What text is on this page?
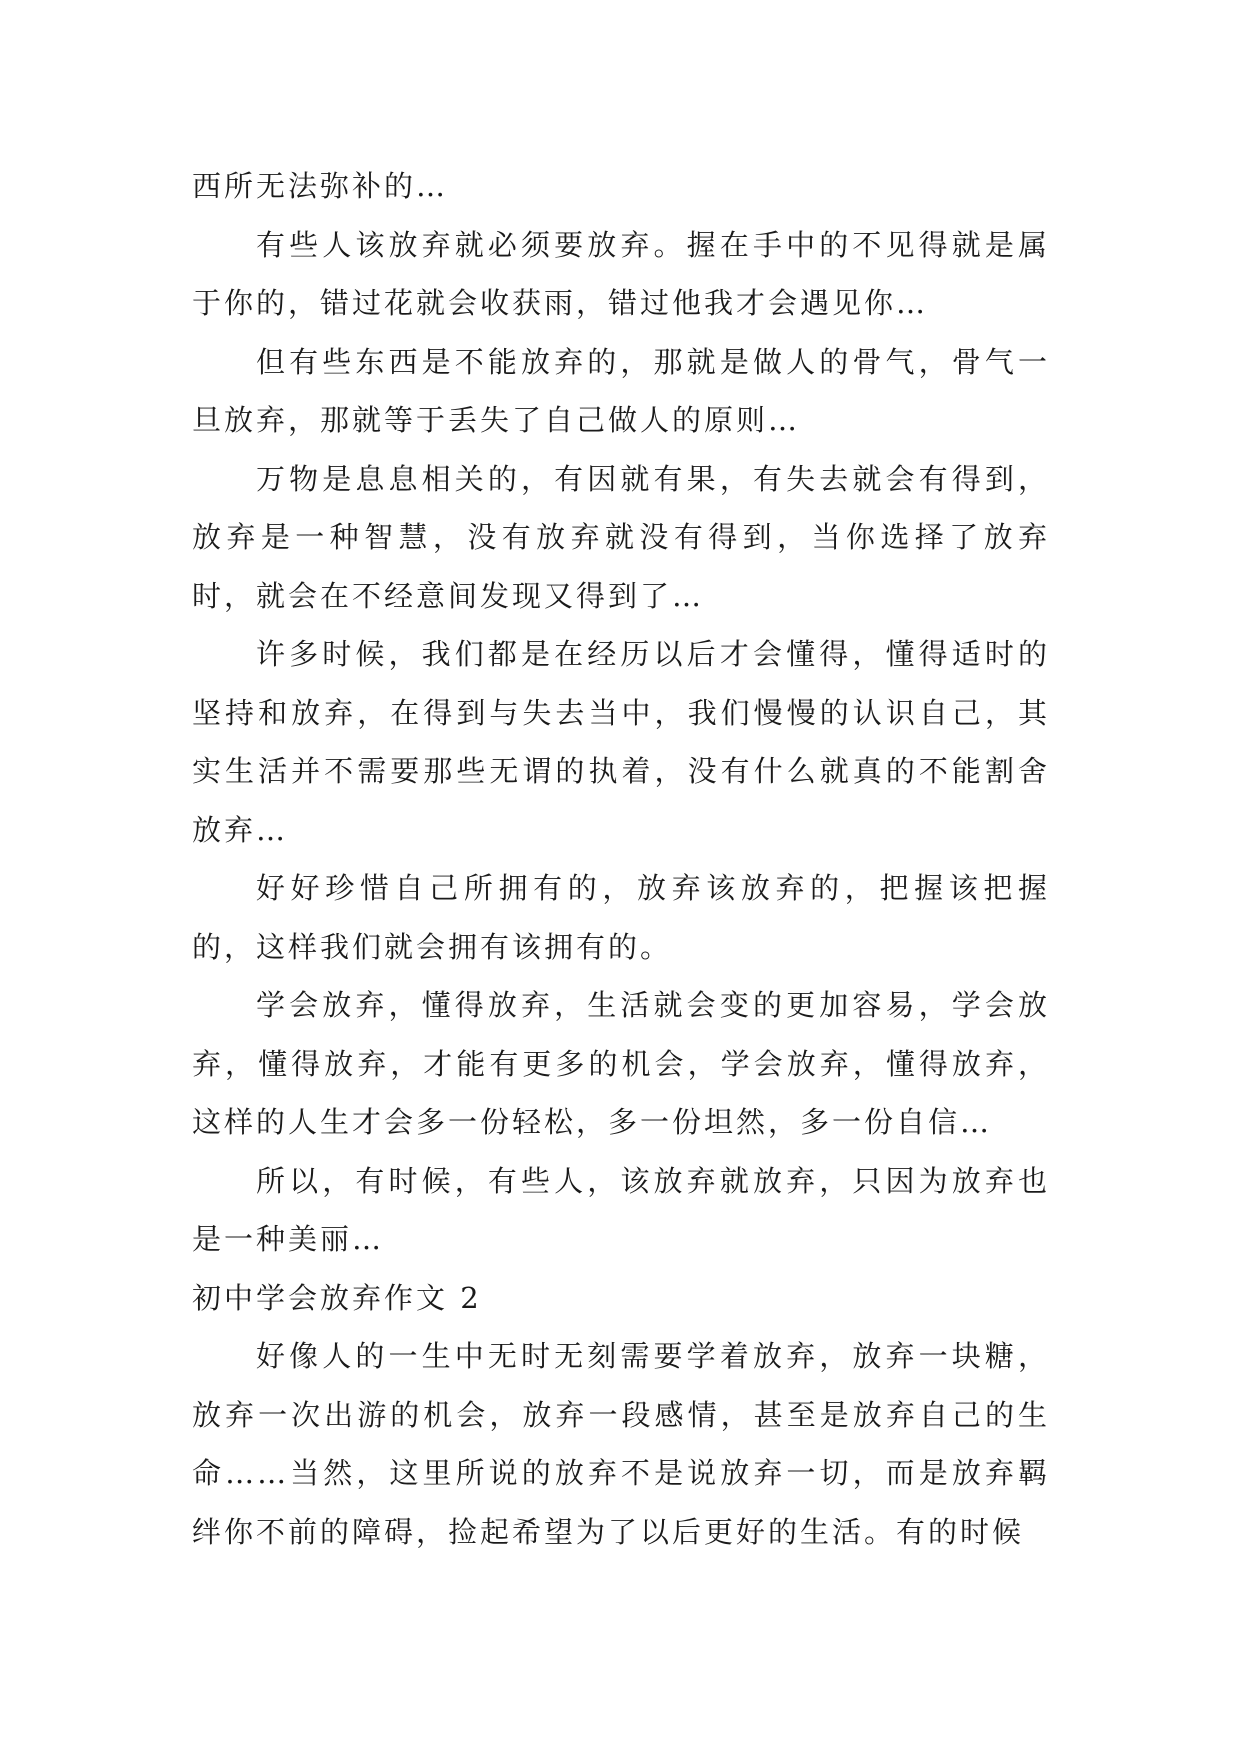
西所无法弥补的…

有些人该放弃就必须要放弃。握在手中的不见得就是属于你的，错过花就会收获雨，错过他我才会遇见你…

但有些东西是不能放弃的，那就是做人的骨气，骨气一旦放弃，那就等于丢失了自己做人的原则…

万物是息息相关的，有因就有果，有失去就会有得到，放弃是一种智慧，没有放弃就没有得到，当你选择了放弃时，就会在不经意间发现又得到了…

许多时候，我们都是在经历以后才会懂得，懂得适时的坚持和放弃，在得到与失去当中，我们慢慢的认识自己，其实生活并不需要那些无谓的执着，没有什么就真的不能割舍放弃…

好好珍惜自己所拥有的，放弃该放弃的，把握该把握的，这样我们就会拥有该拥有的。

学会放弃，懂得放弃，生活就会变的更加容易，学会放弃，懂得放弃，才能有更多的机会，学会放弃，懂得放弃，这样的人生才会多一份轻松，多一份坦然，多一份自信…

所以，有时候，有些人，该放弃就放弃，只因为放弃也是一种美丽…

初中学会放弃作文 2

好像人的一生中无时无刻需要学着放弃，放弃一块糖，放弃一次出游的机会，放弃一段感情，甚至是放弃自己的生命……当然，这里所说的放弃不是说放弃一切，而是放弃羁绊你不前的障碍，捡起希望为了以后更好的生活。有的时候
